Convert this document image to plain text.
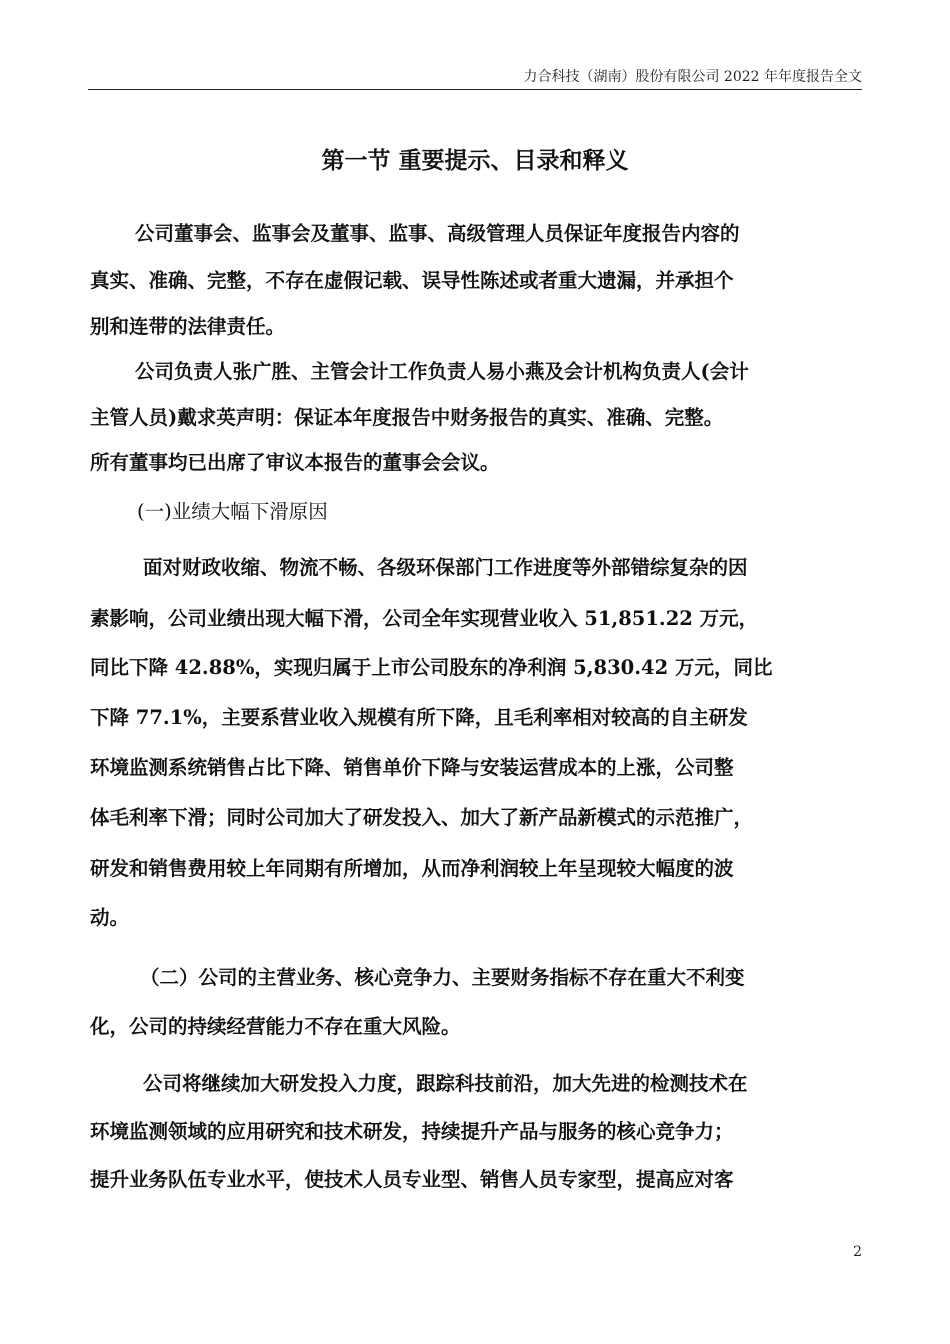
力合科技（湖南）股份有限公司 2022 年年度报告全文
第一节 重要提示、目录和释义
公司董事会、监事会及董事、监事、高级管理人员保证年度报告内容的
真实、准确、完整，不存在虚假记载、误导性陈述或者重大遗漏，并承担个
别和连带的法律责任。
公司负责人张广胜、主管会计工作负责人易小燕及会计机构负责人(会计
主管人员)戴求英声明：保证本年度报告中财务报告的真实、准确、完整。
所有董事均已出席了审议本报告的董事会会议。
(一)业绩大幅下滑原因
面对财政收缩、物流不畅、各级环保部门工作进度等外部错综复杂的因
素影响，公司业绩出现大幅下滑，公司全年实现营业收入 51,851.22 万元，
同比下降 42.88%，实现归属于上市公司股东的净利润 5,830.42 万元，同比
下降 77.1%，主要系营业收入规模有所下降，且毛利率相对较高的自主研发
环境监测系统销售占比下降、销售单价下降与安装运营成本的上涨，公司整
体毛利率下滑；同时公司加大了研发投入、加大了新产品新模式的示范推广，
研发和销售费用较上年同期有所增加，从而净利润较上年呈现较大幅度的波
动。
（二）公司的主营业务、核心竞争力、主要财务指标不存在重大不利变
化，公司的持续经营能力不存在重大风险。
公司将继续加大研发投入力度，跟踪科技前沿，加大先进的检测技术在
环境监测领域的应用研究和技术研发，持续提升产品与服务的核心竞争力；
提升业务队伍专业水平，使技术人员专业型、销售人员专家型，提高应对客
2
